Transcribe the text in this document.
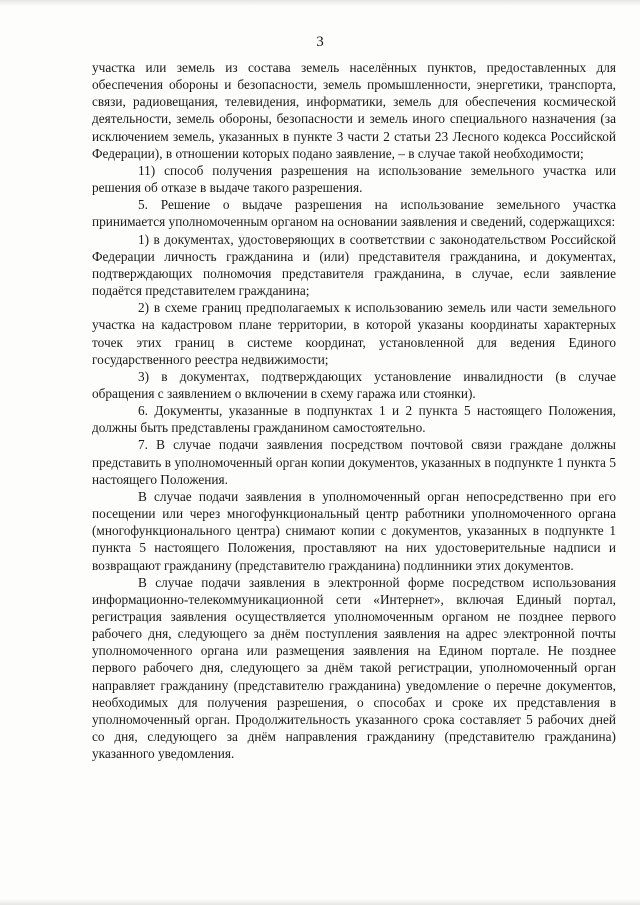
3

участка или земель из состава земель населённых пунктов, предоставленных для обеспечения обороны и безопасности, земель промышленности, энергетики, транспорта, связи, радиовещания, телевидения, информатики, земель для обеспечения космической деятельности, земель обороны, безопасности и земель иного специального назначения (за исключением земель, указанных в пункте 3 части 2 статьи 23 Лесного кодекса Российской Федерации), в отношении которых подано заявление, – в случае такой необходимости;

11) способ получения разрешения на использование земельного участка или решения об отказе в выдаче такого разрешения.

5. Решение о выдаче разрешения на использование земельного участка принимается уполномоченным органом на основании заявления и сведений, содержащихся:

1) в документах, удостоверяющих в соответствии с законодательством Российской Федерации личность гражданина и (или) представителя гражданина, и документах, подтверждающих полномочия представителя гражданина, в случае, если заявление подаётся представителем гражданина;

2) в схеме границ предполагаемых к использованию земель или части земельного участка на кадастровом плане территории, в которой указаны координаты характерных точек этих границ в системе координат, установленной для ведения Единого государственного реестра недвижимости;

3) в документах, подтверждающих установление инвалидности (в случае обращения с заявлением о включении в схему гаража или стоянки).

6. Документы, указанные в подпунктах 1 и 2 пункта 5 настоящего Положения, должны быть представлены гражданином самостоятельно.

7. В случае подачи заявления посредством почтовой связи граждане должны представить в уполномоченный орган копии документов, указанных в подпункте 1 пункта 5 настоящего Положения.

В случае подачи заявления в уполномоченный орган непосредственно при его посещении или через многофункциональный центр работники уполномоченного органа (многофункционального центра) снимают копии с документов, указанных в подпункте 1 пункта 5 настоящего Положения, проставляют на них удостоверительные надписи и возвращают гражданину (представителю гражданина) подлинники этих документов.

В случае подачи заявления в электронной форме посредством использования информационно-телекоммуникационной сети «Интернет», включая Единый портал, регистрация заявления осуществляется уполномоченным органом не позднее первого рабочего дня, следующего за днём поступления заявления на адрес электронной почты уполномоченного органа или размещения заявления на Едином портале. Не позднее первого рабочего дня, следующего за днём такой регистрации, уполномоченный орган направляет гражданину (представителю гражданина) уведомление о перечне документов, необходимых для получения разрешения, о способах и сроке их представления в уполномоченный орган. Продолжительность указанного срока составляет 5 рабочих дней со дня, следующего за днём направления гражданину (представителю гражданина) указанного уведомления.
